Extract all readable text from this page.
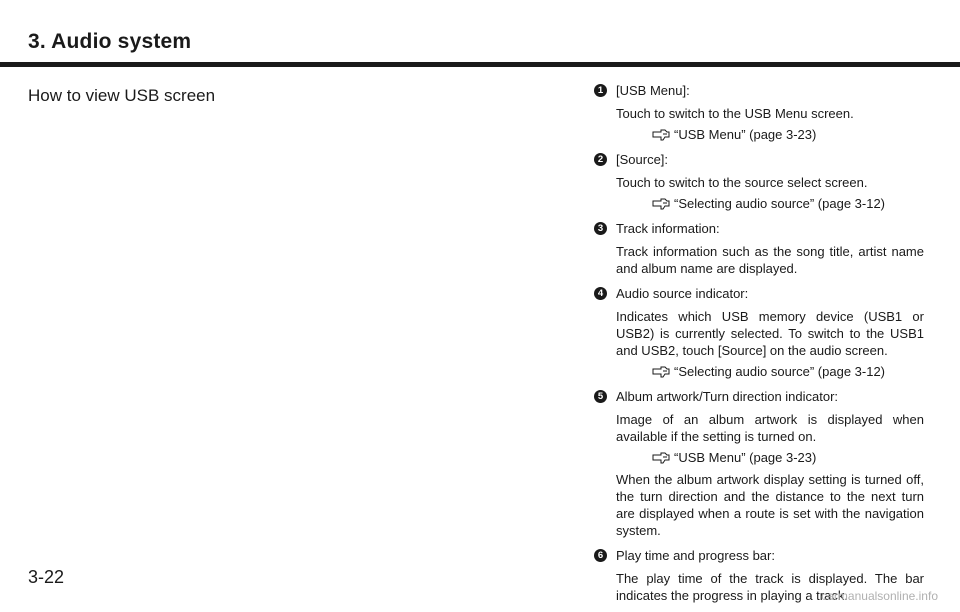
3. Audio system
How to view USB screen	1 [USB Menu]:
Touch to switch to the USB Menu screen.
“USB Menu” (page 3-23)
2 [Source]:
Touch to switch to the source select screen.
“Selecting audio source” (page 3-12)
3 Track information:
Track information such as the song title, artist name and album name are displayed.
4 Audio source indicator:
Indicates which USB memory device (USB1 or USB2) is currently selected. To switch to the USB1 and USB2, touch [Source] on the audio screen.
“Selecting audio source” (page 3-12)
5 Album artwork/Turn direction indicator:
Image of an album artwork is displayed when available if the setting is turned on.
“USB Menu” (page 3-23)
When the album artwork display setting is turned off, the turn direction and the distance to the next turn are displayed when a route is set with the navigation system.
6 Play time and progress bar:
The play time of the track is displayed. The bar indicates the progress in playing a track.
3-22
carmanualsonline.info
